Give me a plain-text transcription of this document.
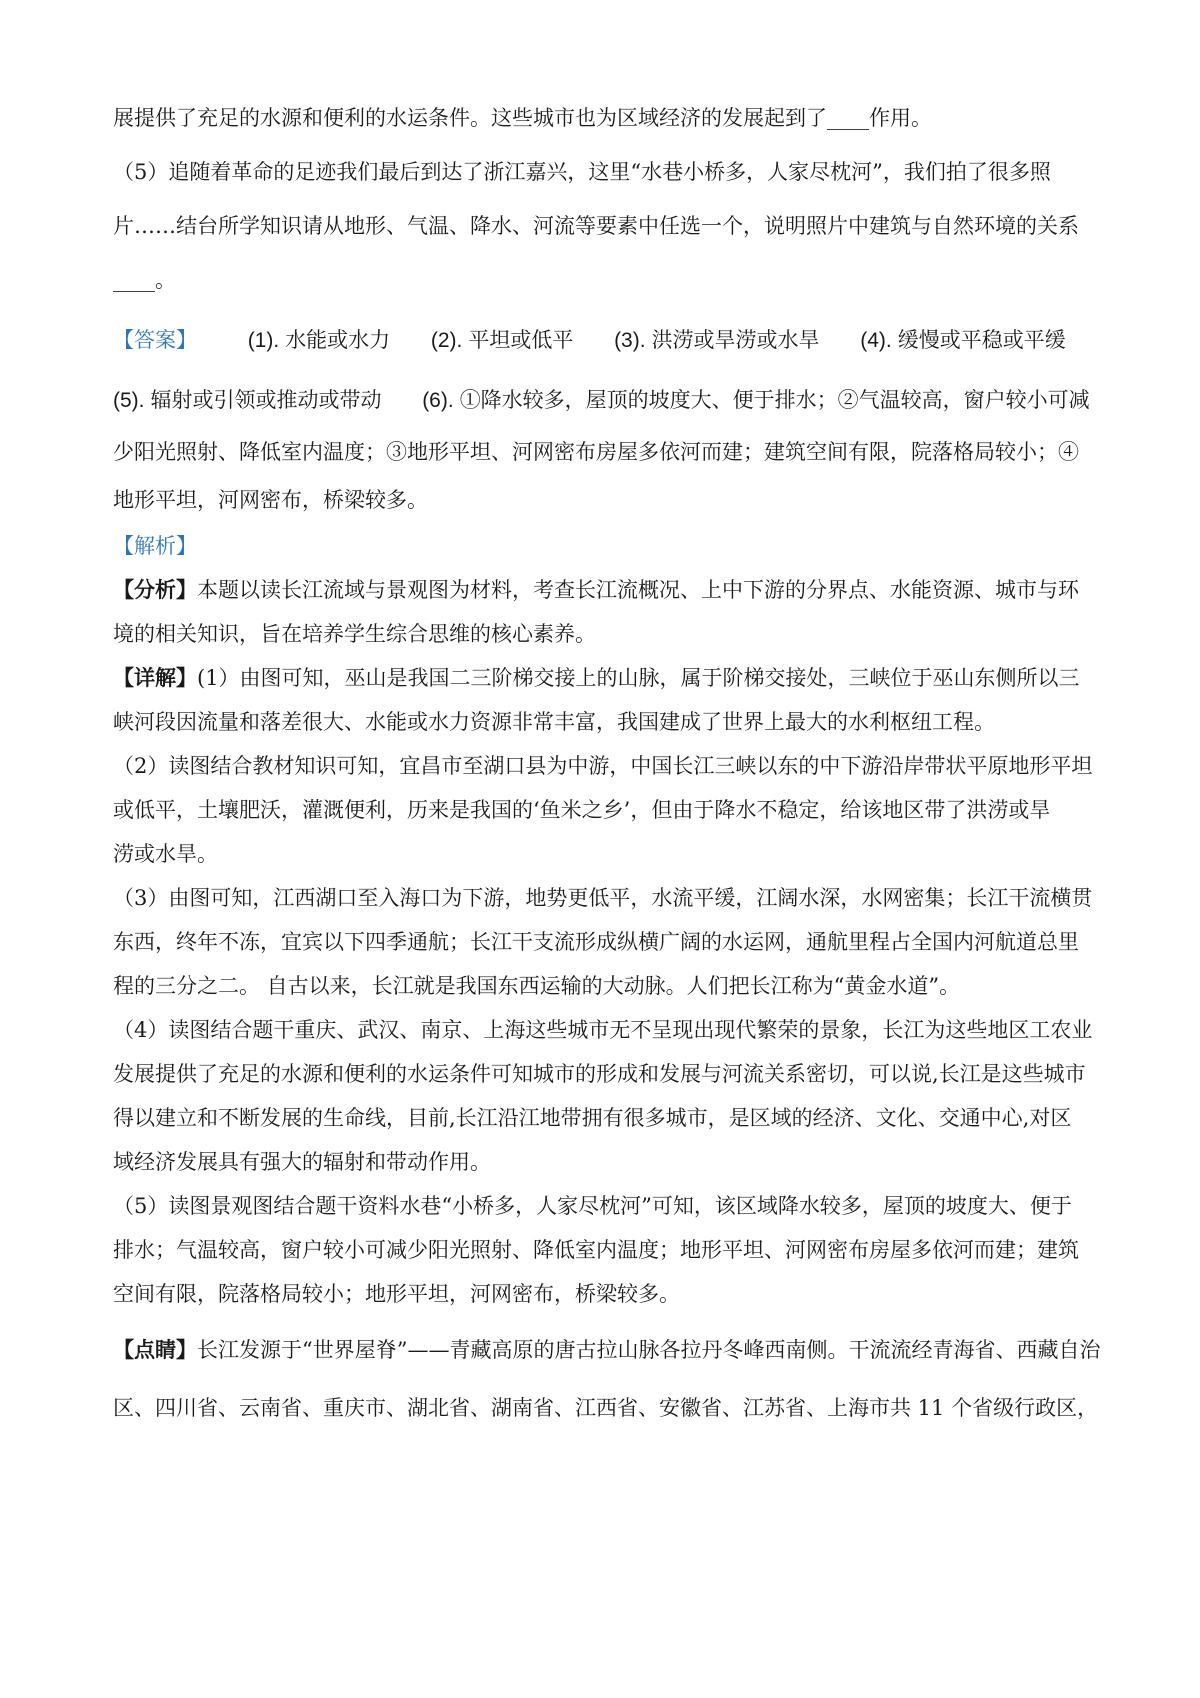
展提供了充足的水源和便利的水运条件。这些城市也为区域经济的发展起到了____作用。
（5）追随着革命的足迹我们最后到达了浙江嘉兴，这里“水巷小桥多，人家尽枕河”，我们拍了很多照
片……结台所学知识请从地形、气温、降水、河流等要素中任选一个，说明照片中建筑与自然环境的关系
____。
【答案】 (1). 水能或水力 (2). 平坦或低平 (3). 洪涝或旱涝或水旱 (4). 缓慢或平稳或平缓
(5). 辐射或引领或推动或带动 (6). ①降水较多，屋顶的坡度大、便于排水；②气温较高，窗户较小可减
少阳光照射、降低室内温度；③地形平坦、河网密布房屋多依河而建；建筑空间有限，院落格局较小；④
地形平坦，河网密布，桥梁较多。
【解析】
【分析】本题以读长江流域与景观图为材料，考查长江流概况、上中下游的分界点、水能资源、城市与环
境的相关知识，旨在培养学生综合思维的核心素养。
【详解】(1）由图可知，巫山是我国二三阶梯交接上的山脉，属于阶梯交接处，三峡位于巫山东侧所以三
峡河段因流量和落差很大、水能或水力资源非常丰富，我国建成了世界上最大的水利枢纽工程。
（2）读图结合教材知识可知，宜昌市至湖口县为中游，中国长江三峡以东的中下游沿岸带状平原地形平坦
或低平，土壤肥沃，灌溉便利，历来是我国的‘鱼米之乡’，但由于降水不稳定，给该地区带了洪涝或旱
涝或水旱。
（3）由图可知，江西湖口至入海口为下游，地势更低平，水流平缓，江阔水深，水网密集；长江干流横贯
东西，终年不冻，宜宾以下四季通航；长江干支流形成纵横广阔的水运网，通航里程占全国内河航道总里
程的三分之二。 自古以来，长江就是我国东西运输的大动脉。人们把长江称为“黄金水道”。
（4）读图结合题干重庆、武汉、南京、上海这些城市无不呈现出现代繁荣的景象，长江为这些地区工农业
发展提供了充足的水源和便利的水运条件可知城市的形成和发展与河流关系密切，可以说,长江是这些城市
得以建立和不断发展的生命线，目前,长江沿江地带拥有很多城市，是区域的经济、文化、交通中心,对区
域经济发展具有强大的辐射和带动作用。
（5）读图景观图结合题干资料水巷“小桥多，人家尽枕河”可知，该区域降水较多，屋顶的坡度大、便于
排水；气温较高，窗户较小可减少阳光照射、降低室内温度；地形平坦、河网密布房屋多依河而建；建筑
空间有限，院落格局较小；地形平坦，河网密布，桥梁较多。
【点睛】长江发源于“世界屋脊”——青藏高原的唐古拉山脉各拉丹冬峰西南侧。干流流经青海省、西藏自治
区、四川省、云南省、重庆市、湖北省、湖南省、江西省、安徽省、江苏省、上海市共 11 个省级行政区，
